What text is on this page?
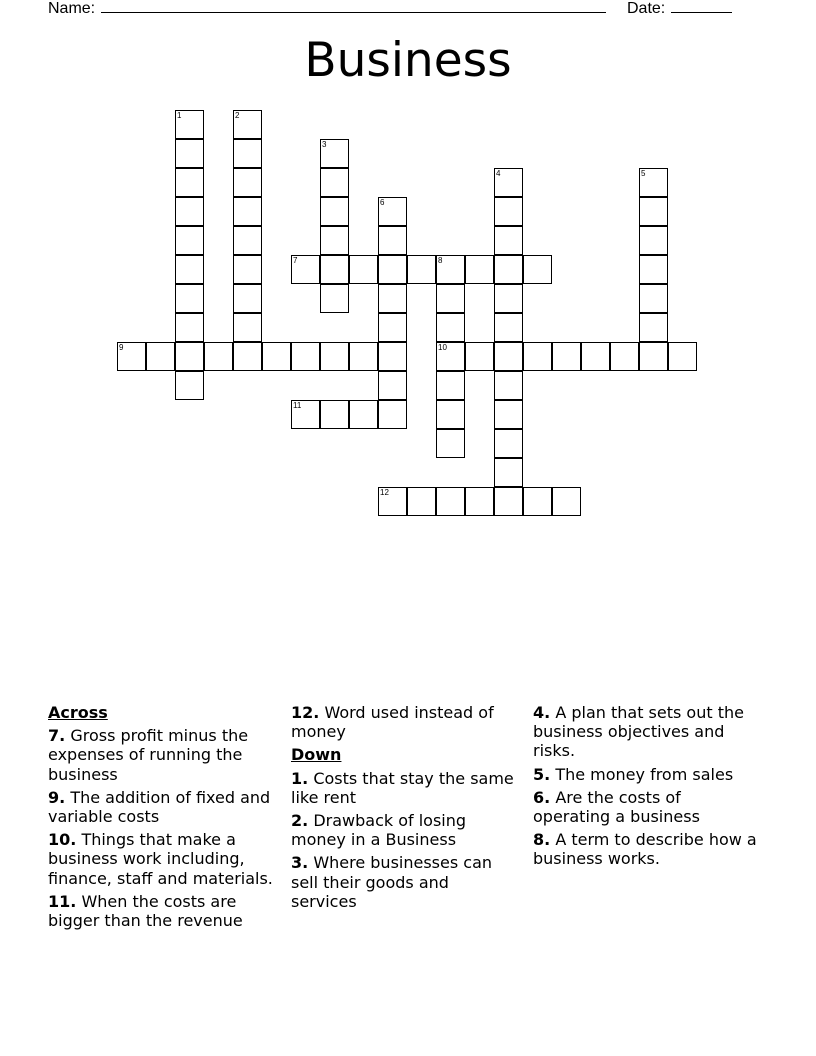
Name:	Date:
Business
1	2
3
4	5
6
7	8
10
9
11
12
Across
7. Gross profit minus the expenses of running the business
9. The addition of fixed and variable costs
10. Things that make a business work including, finance, staff and materials.
11. When the costs are bigger than the revenue
12. Word used instead of money
Down
1. Costs that stay the same like rent
2. Drawback of losing money in a Business
3. Where businesses can sell their goods and services
4. A plan that sets out the business objectives and risks.
5. The money from sales
6. Are the costs of operating a business
8. A term to describe how a business works.
